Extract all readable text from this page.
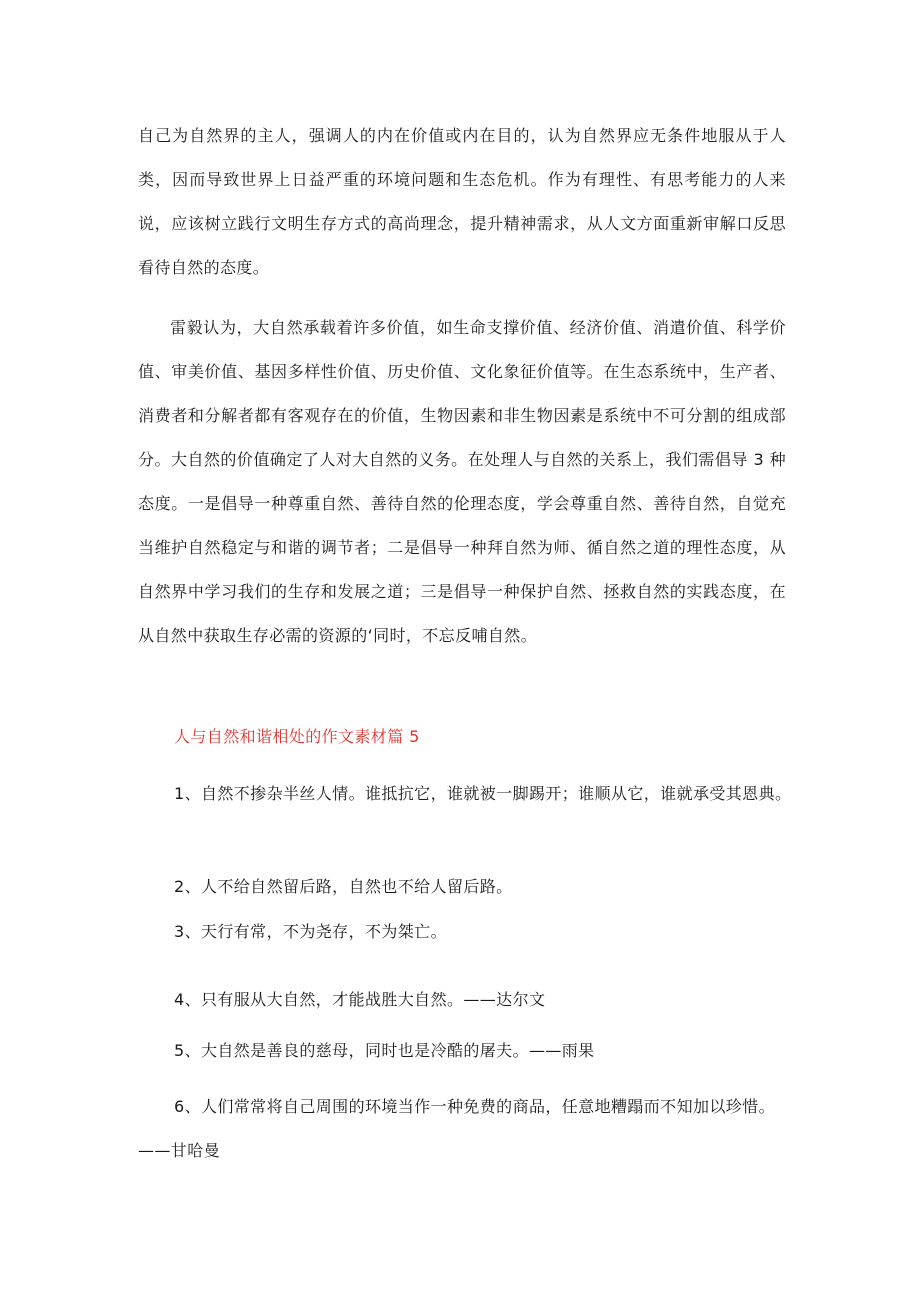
自己为自然界的主人，强调人的内在价值或内在目的，认为自然界应无条件地服从于人类，因而导致世界上日益严重的环境问题和生态危机。作为有理性、有思考能力的人来说，应该树立践行文明生存方式的高尚理念，提升精神需求，从人文方面重新审解口反思看待自然的态度。

雷毅认为，大自然承载着许多价值，如生命支撑价值、经济价值、消遣价值、科学价值、审美价值、基因多样性价值、历史价值、文化象征价值等。在生态系统中，生产者、消费者和分解者都有客观存在的价值，生物因素和非生物因素是系统中不可分割的组成部分。大自然的价值确定了人对大自然的义务。在处理人与自然的关系上，我们需倡导 3 种态度。一是倡导一种尊重自然、善待自然的伦理态度，学会尊重自然、善待自然，自觉充当维护自然稳定与和谐的调节者；二是倡导一种拜自然为师、循自然之道的理性态度，从自然界中学习我们的生存和发展之道；三是倡导一种保护自然、拯救自然的实践态度，在从自然中获取生存必需的资源的‘同时，不忘反哺自然。

人与自然和谐相处的作文素材篇 5

1、自然不掺杂半丝人情。谁抵抗它，谁就被一脚踢开；谁顺从它，谁就承受其恩典。

2、人不给自然留后路，自然也不给人留后路。

3、天行有常，不为尧存，不为桀亡。

4、只有服从大自然，才能战胜大自然。——达尔文

5、大自然是善良的慈母，同时也是冷酷的屠夫。——雨果

6、人们常常将自己周围的环境当作一种免费的商品，任意地糟蹋而不知加以珍惜。——甘哈曼
